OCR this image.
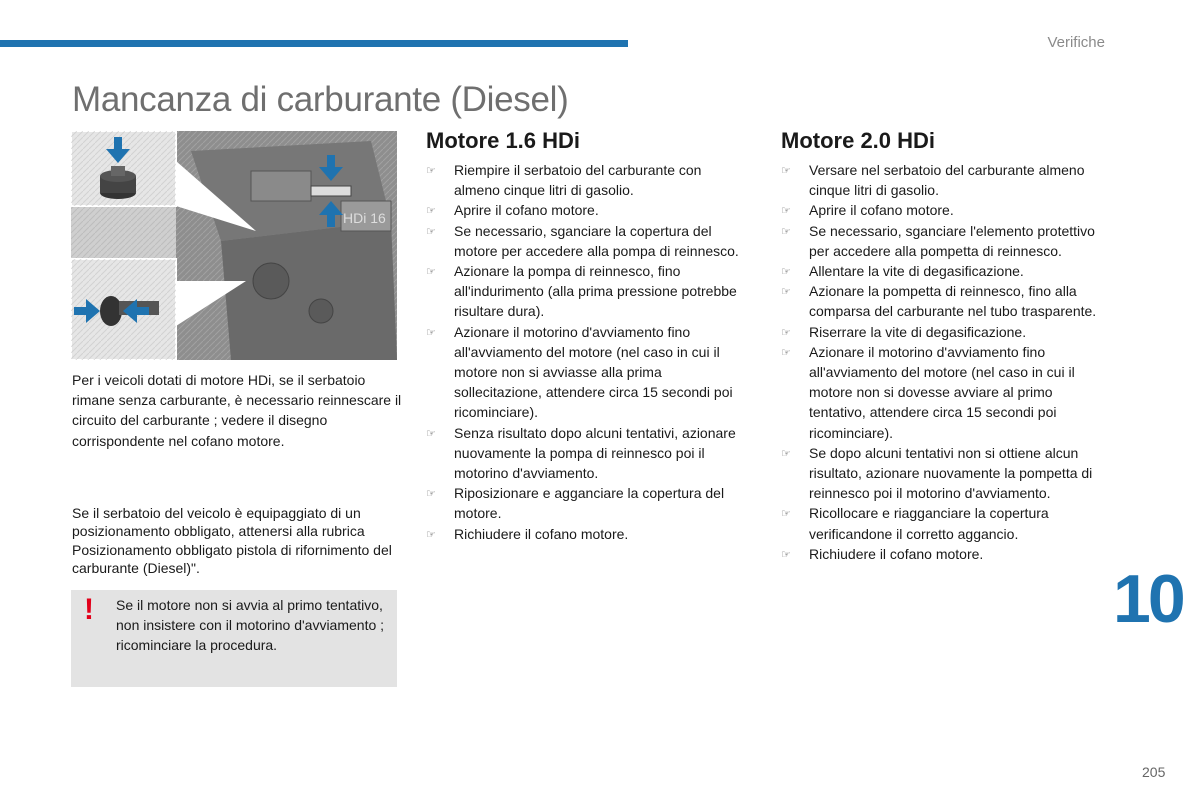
Verifiche
Mancanza di carburante (Diesel)
HDi 16
Per i veicoli dotati di motore HDi, se il serbatoio rimane senza carburante, è necessario reinnescare il circuito del carburante ; vedere il disegno corrispondente nel cofano motore.
Se il serbatoio del veicolo è equipaggiato di un posizionamento obbligato, attenersi alla rubrica Posizionamento obbligato pistola di rifornimento del carburante (Diesel)".
! Se il motore non si avvia al primo tentativo, non insistere con il motorino d'avviamento ; ricominciare la procedura.
Motore 1.6 HDi
☞ Riempire il serbatoio del carburante con almeno cinque litri di gasolio.
☞ Aprire il cofano motore.
☞ Se necessario, sganciare la copertura del motore per accedere alla pompa di reinnesco.
☞ Azionare la pompa di reinnesco, fino all'indurimento (alla prima pressione potrebbe risultare dura).
☞ Azionare il motorino d'avviamento fino all'avviamento del motore (nel caso in cui il motore non si avviasse alla prima sollecitazione, attendere circa 15 secondi poi ricominciare).
☞ Senza risultato dopo alcuni tentativi, azionare nuovamente la pompa di reinnesco poi il motorino d'avviamento.
☞ Riposizionare e agganciare la copertura del motore.
☞ Richiudere il cofano motore.
Motore 2.0 HDi
☞ Versare nel serbatoio del carburante almeno cinque litri di gasolio.
☞ Aprire il cofano motore.
☞ Se necessario, sganciare l'elemento protettivo per accedere alla pompetta di reinnesco.
☞ Allentare la vite di degasificazione.
☞ Azionare la pompetta di reinnesco, fino alla comparsa del carburante nel tubo trasparente.
☞ Riserrare la vite di degasificazione.
☞ Azionare il motorino d'avviamento fino all'avviamento del motore (nel caso in cui il motore non si dovesse avviare al primo tentativo, attendere circa 15 secondi poi ricominciare).
☞ Se dopo alcuni tentativi non si ottiene alcun risultato, azionare nuovamente la pompetta di reinnesco poi il motorino d'avviamento.
☞ Ricollocare e riagganciare la copertura verificandone il corretto aggancio.
☞ Richiudere il cofano motore.
10
205
